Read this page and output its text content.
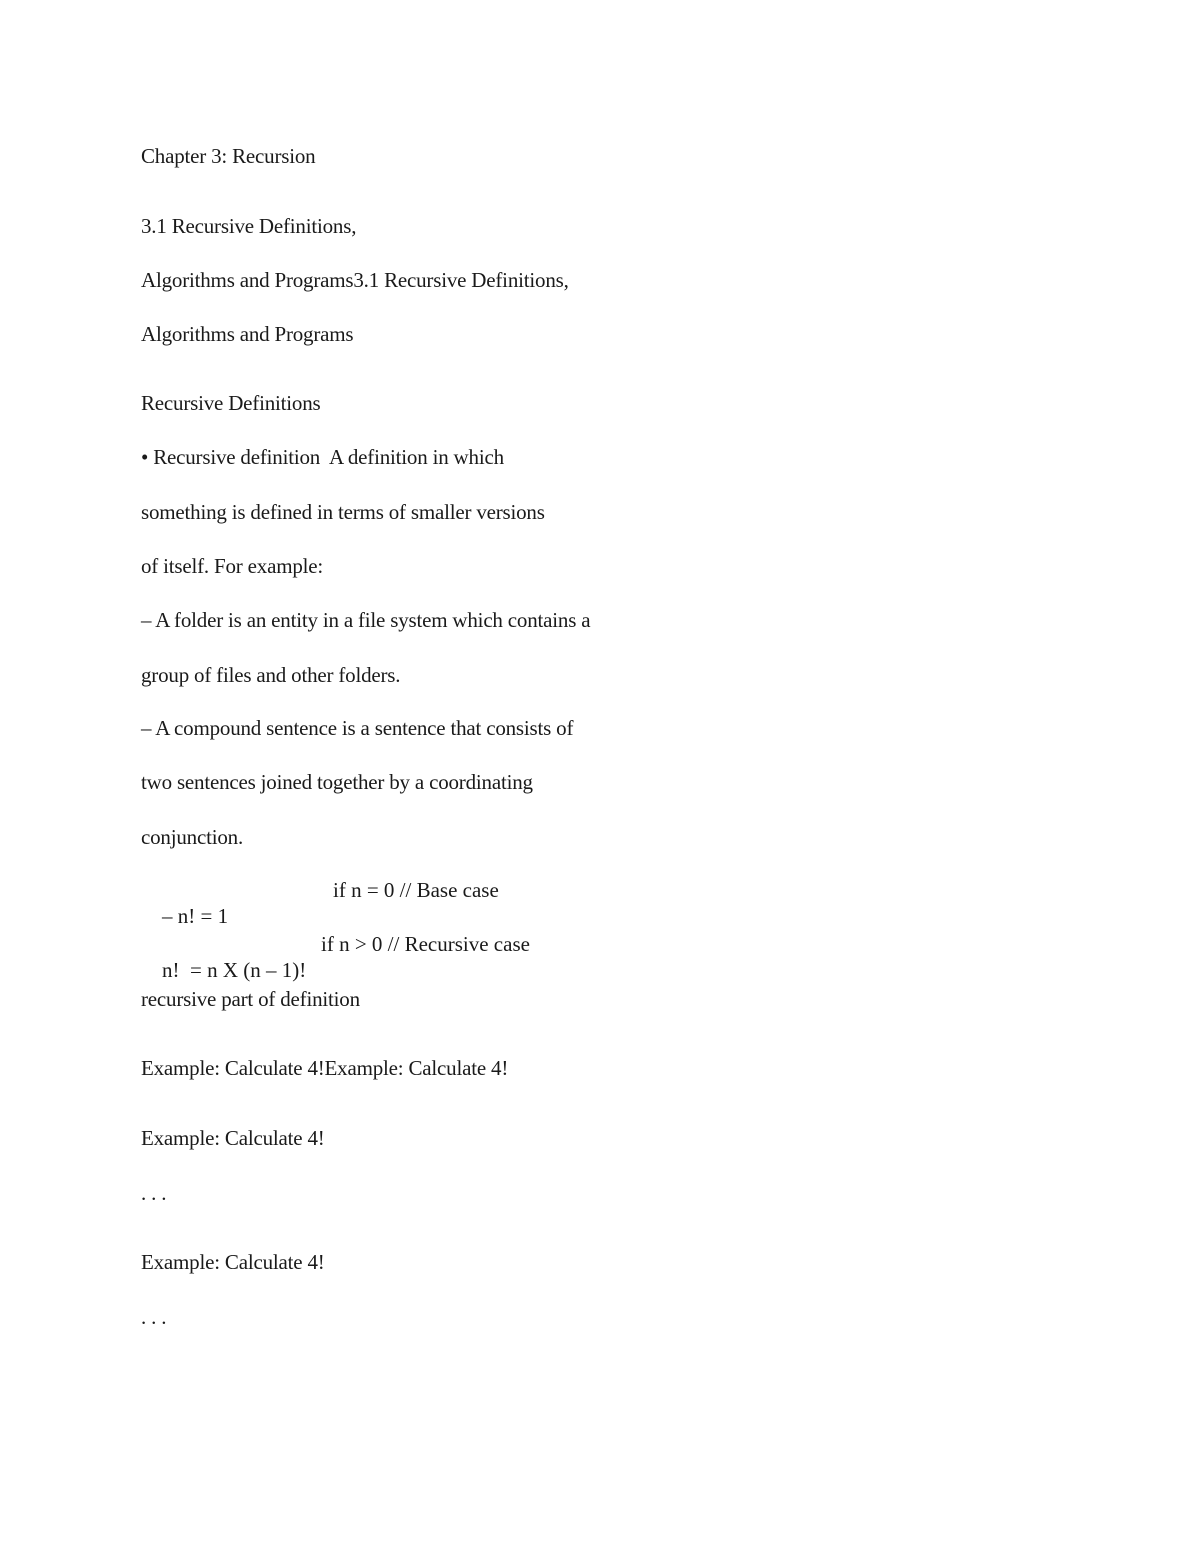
Chapter 3: Recursion
3.1 Recursive Definitions,
Algorithms and Programs3.1 Recursive Definitions,
Algorithms and Programs
Recursive Definitions
• Recursive definition  A definition in which
something is defined in terms of smaller versions
of itself. For example:
– A folder is an entity in a file system which contains a
group of files and other folders.
– A compound sentence is a sentence that consists of
two sentences joined together by a coordinating
conjunction.

– n! = 1

if n = 0 // Base case

n!  = n X (n – 1)!

if n > 0 // Recursive case

recursive part of definition
Example: Calculate 4!Example: Calculate 4!
Example: Calculate 4!
. . .
Example: Calculate 4!
. . .
